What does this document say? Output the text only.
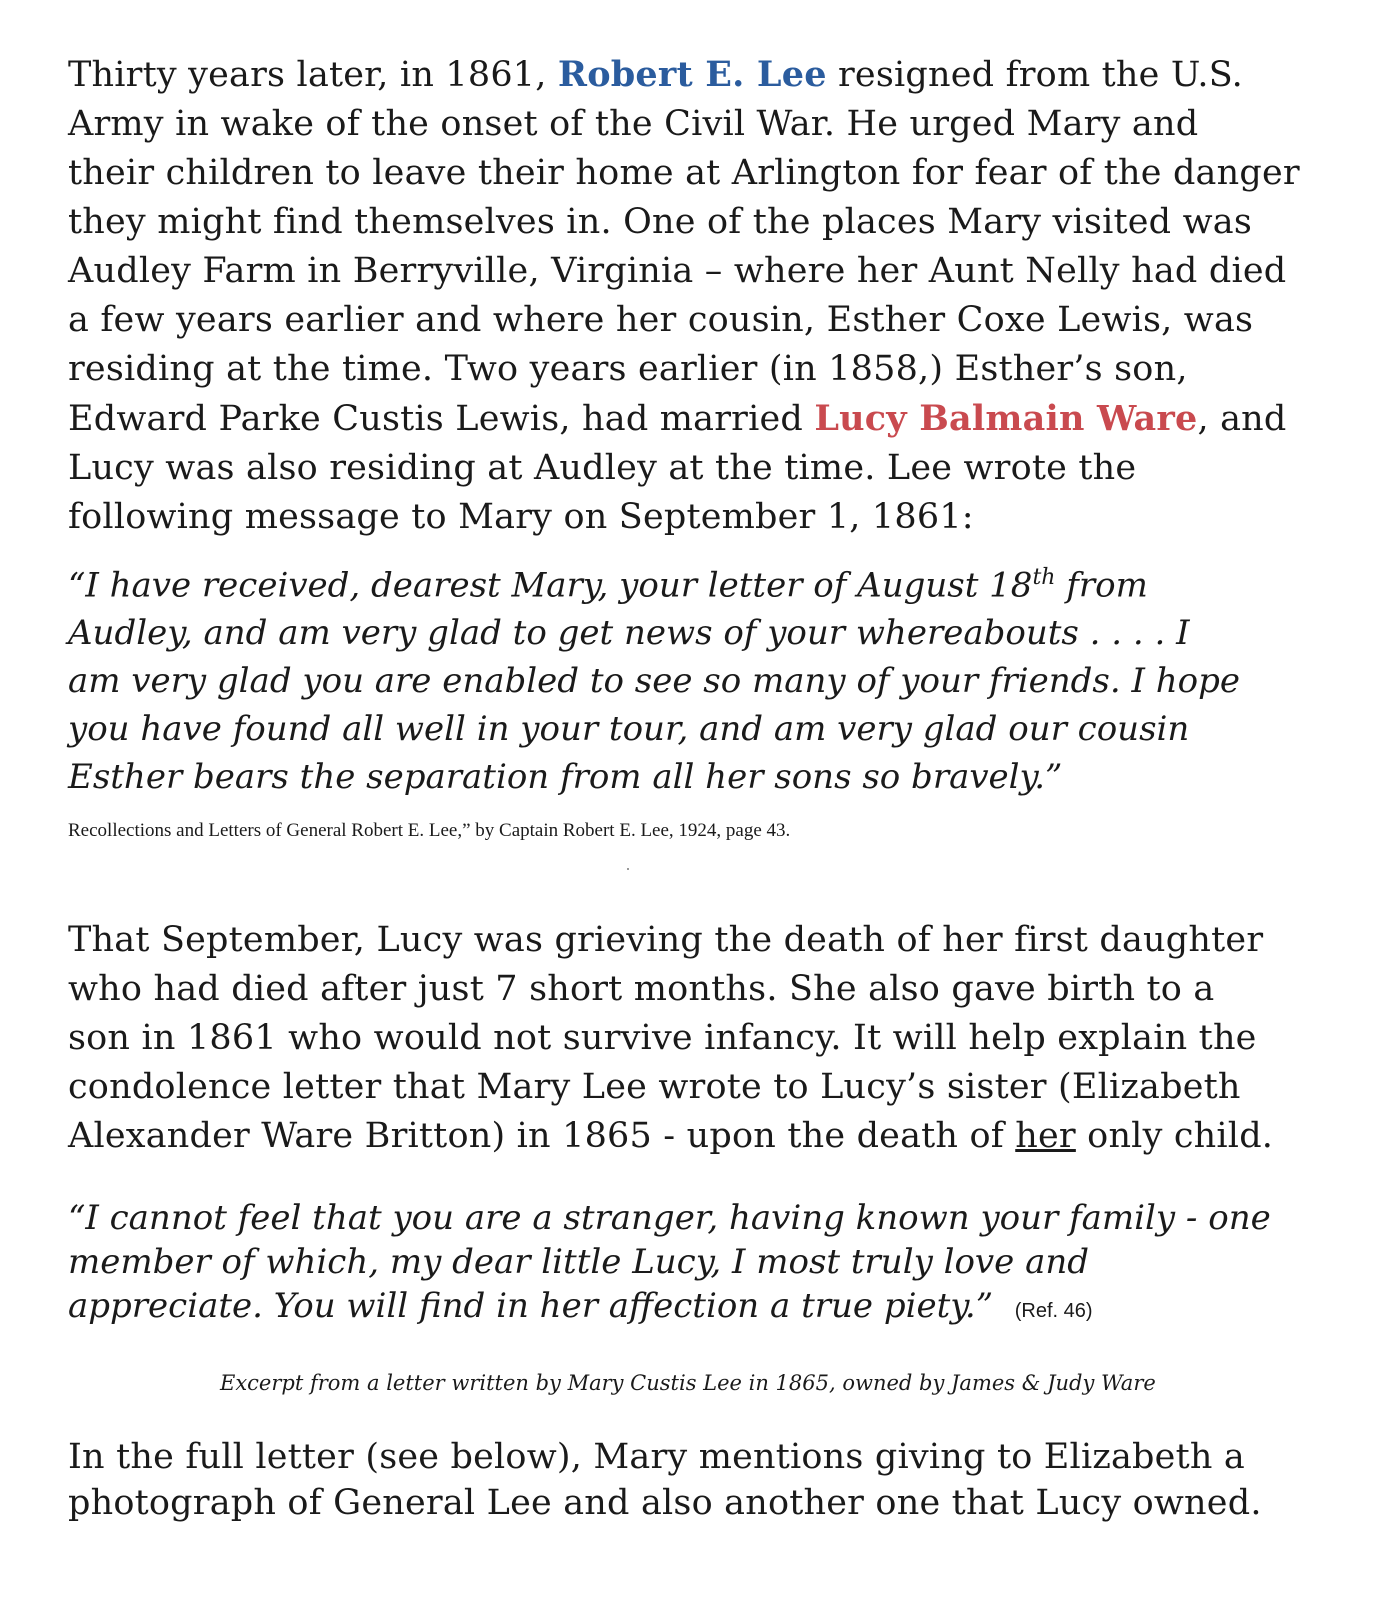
Thirty years later, in 1861, Robert E. Lee resigned from the U.S.
Army in wake of the onset of the Civil War. He urged Mary and
their children to leave their home at Arlington for fear of the danger
they might find themselves in. One of the places Mary visited was
Audley Farm in Berryville, Virginia – where her Aunt Nelly had died
a few years earlier and where her cousin, Esther Coxe Lewis, was
residing at the time. Two years earlier (in 1858,) Esther’s son,
Edward Parke Custis Lewis, had married Lucy Balmain Ware, and
Lucy was also residing at Audley at the time. Lee wrote the
following message to Mary on September 1, 1861:
“I have received, dearest Mary, your letter of August 18th from
Audley, and am very glad to get news of your whereabouts . . . . I
am very glad you are enabled to see so many of your friends. I hope
you have found all well in your tour, and am very glad our cousin
Esther bears the separation from all her sons so bravely.”
Recollections and Letters of General Robert E. Lee,” by Captain Robert E. Lee, 1924, page 43.
That September, Lucy was grieving the death of her first daughter
who had died after just 7 short months. She also gave birth to a
son in 1861 who would not survive infancy. It will help explain the
condolence letter that Mary Lee wrote to Lucy’s sister (Elizabeth
Alexander Ware Britton) in 1865 - upon the death of her only child.
“I cannot feel that you are a stranger, having known your family - one
member of which, my dear little Lucy, I most truly love and
appreciate. You will find in her affection a true piety.” (Ref. 46)
Excerpt from a letter written by Mary Custis Lee in 1865, owned by James & Judy Ware
In the full letter (see below), Mary mentions giving to Elizabeth a
photograph of General Lee and also another one that Lucy owned.
